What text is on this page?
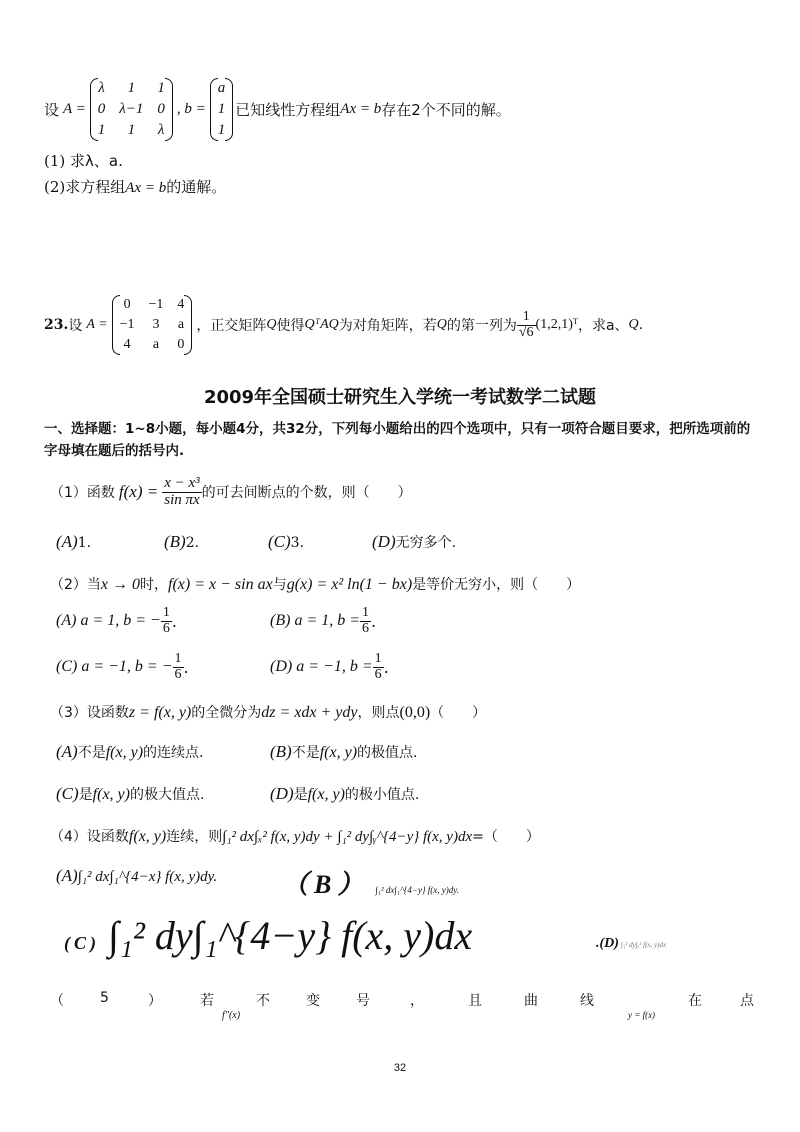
设 A =
λ	1	1
0 λ−1 0
1	1	λ
, b =
a
1
1
已知线性方程组 Ax = b 存在2个不同的解。
(1) 求λ、a.
(2)求方程组Ax = b的通解。
23. 设 A =
0 −1 4
−1 3 a
4	a	0
，正交矩阵 Q 使得 QᵀAQ 为对角矩阵，若 Q 的第一列为 $\frac{1}{√6}$ (1,2,1)ᵀ ，求a、 Q .
2009年全国硕士研究生入学统一考试数学二试题
一、选择题：1~8小题，每小题4分，共32分，下列每小题给出的四个选项中，只有一项符合题目要求，把所选项前的字母填在题后的括号内.
（1）函数 $f(x) = \frac{\text{x − x³}}{\text{sin πx}}$ 的可去间断点的个数，则（　　）
(A)1.	(B)2.	(C)3.	(D)无穷多个.
（2）当x → 0时，f(x) = x − sin ax与g(x) = x² ln(1 − bx)是等价无穷小，则（　　）
(A) a = 1, b = − $\frac{1}{6}$ .	(B) a = 1, $b = \frac{1}{6}$ .
(C) a = −1, b = − $\frac{1}{6}$ .	(D) a = −1, $b = \frac{1}{6}$ .
（3）设函数z = f(x, y)的全微分为dz = xdx + ydy，则点(0,0)（　　）
(A)不是f(x, y)的连续点.	(B)不是f(x, y)的极值点.
(C)是f(x, y)的极大值点.	(D)是f(x, y)的极小值点.
（4）设函数f(x, y)连续，则∫₁² dx∫ₓ² f(x, y)dy + ∫₁² dy∫ᵧ^{4−y} f(x, y)dx=（　　）
(A)∫₁² dx∫₁^{4−x} f(x, y)dy. （B） ∫₁² dx∫₁^{4−y} f(x, y)dy.
(C) ∫₁² dy∫₁^{4−y} f(x, y)dx	.(D) ∫₁² dy∫ᵧ² f(x, y)dx
（	5	）	若
f″(x)
不	变	号	，	且	曲	线
y = f(x)
在	点
32
